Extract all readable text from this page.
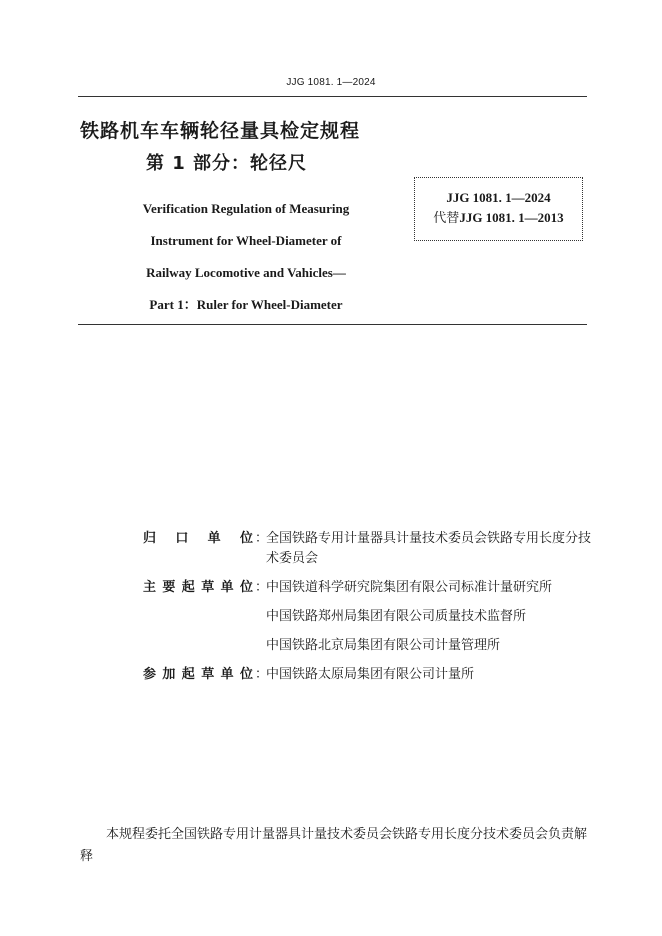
JJG 1081. 1—2024
铁路机车车辆轮径量具检定规程
第 1 部分：轮径尺
Verification Regulation of Measuring
Instrument for Wheel-Diameter of
Railway Locomotive and Vahicles—
Part 1：Ruler for Wheel-Diameter
JJG 1081. 1—2024
代替JJG 1081. 1—2013
归口单位 ：
全国铁路专用计量器具计量技术委员会铁路专用长度分技术委员会
主要起草单位 ：
中国铁道科学研究院集团有限公司标准计量研究所
中国铁路郑州局集团有限公司质量技术监督所
中国铁路北京局集团有限公司计量管理所
参加起草单位 ：
中国铁路太原局集团有限公司计量所
本规程委托全国铁路专用计量器具计量技术委员会铁路专用长度分技术委员会负责解释
